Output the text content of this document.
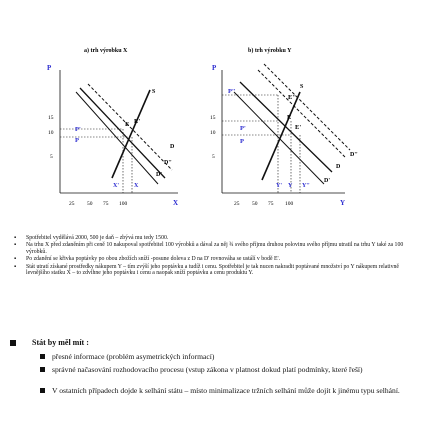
a) trh výrobku X
P
X
15
10
5
25 50 75 100
P'
P
X'	X
S
D
D'
D''
E E'
b) trh výrobku Y
P
Y
15
10
5
25 50 75 100
P''
P'
P
Y' Y Y''
S
D
D'
D''
E
E'
E''
▪ Spotřebitel vydělává 2000, 500 je daň – zbývá mu tedy 1500.
▪ Na trhu X před zdaněním při ceně 10 nakupoval spotřebitel 100 výrobků a dával za něj ¾ svého příjmu druhou polovinu svého příjmu utratil na trhu Y také za 100 výrobků.
▪ Po zdanění se křivka poptávky po obou zbožích sníží -posune doleva z D na D' rovnováha se ustálí v bodě E'.
▪ Stát utratí získané prostředky nákupem Y – tím zvýší jeho poptávku a tudíž i cenu. Spotřebitel je tak nucen nakradit poptávané množství po Y nákupem relativně levnějšího statku X – to zdvihne jeho poptávku i cenu a naopak sníží poptávku a cenu produktu Y.
Stát by měl mít :
přesné informace (problém asymetrických informací)
správné načasování rozhodovacího procesu (vstup zákona v platnost dokud platí podmínky, které řeší)
V ostatních případech dojde k selhání státu – místo minimalizace tržních selhání může dojít k jinému typu selhání.
